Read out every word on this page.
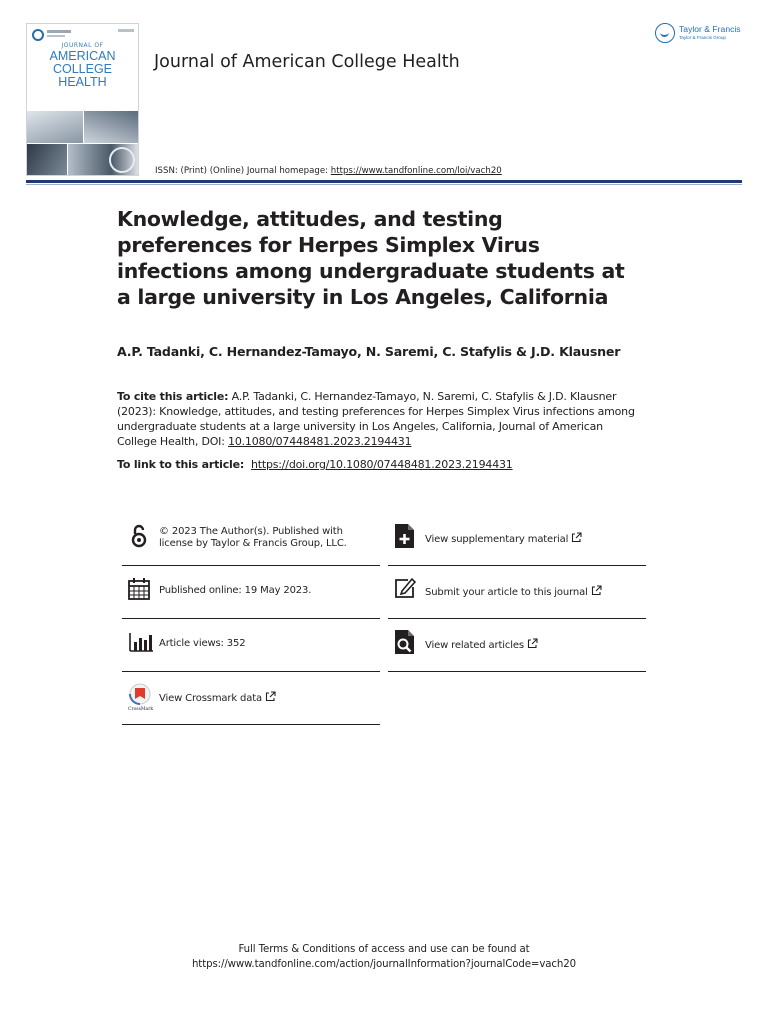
JOURNAL OF
AMERICAN
COLLEGE
HEALTH
Journal of American College Health
ISSN: (Print) (Online) Journal homepage: https://www.tandfonline.com/loi/vach20
Taylor & Francis
Taylor & Francis Group
Knowledge, attitudes, and testing preferences for Herpes Simplex Virus infections among undergraduate students at a large university in Los Angeles, California
A.P. Tadanki, C. Hernandez-Tamayo, N. Saremi, C. Stafylis & J.D. Klausner
To cite this article: A.P. Tadanki, C. Hernandez-Tamayo, N. Saremi, C. Stafylis & J.D. Klausner (2023): Knowledge, attitudes, and testing preferences for Herpes Simplex Virus infections among undergraduate students at a large university in Los Angeles, California, Journal of American College Health, DOI: 10.1080/07448481.2023.2194431
To link to this article:  https://doi.org/10.1080/07448481.2023.2194431
© 2023 The Author(s). Published with
license by Taylor & Francis Group, LLC.
Published online: 19 May 2023.
Article views: 352
CrossMark
View Crossmark data
View supplementary material
Submit your article to this journal
View related articles
Full Terms & Conditions of access and use can be found at
https://www.tandfonline.com/action/journalInformation?journalCode=vach20
